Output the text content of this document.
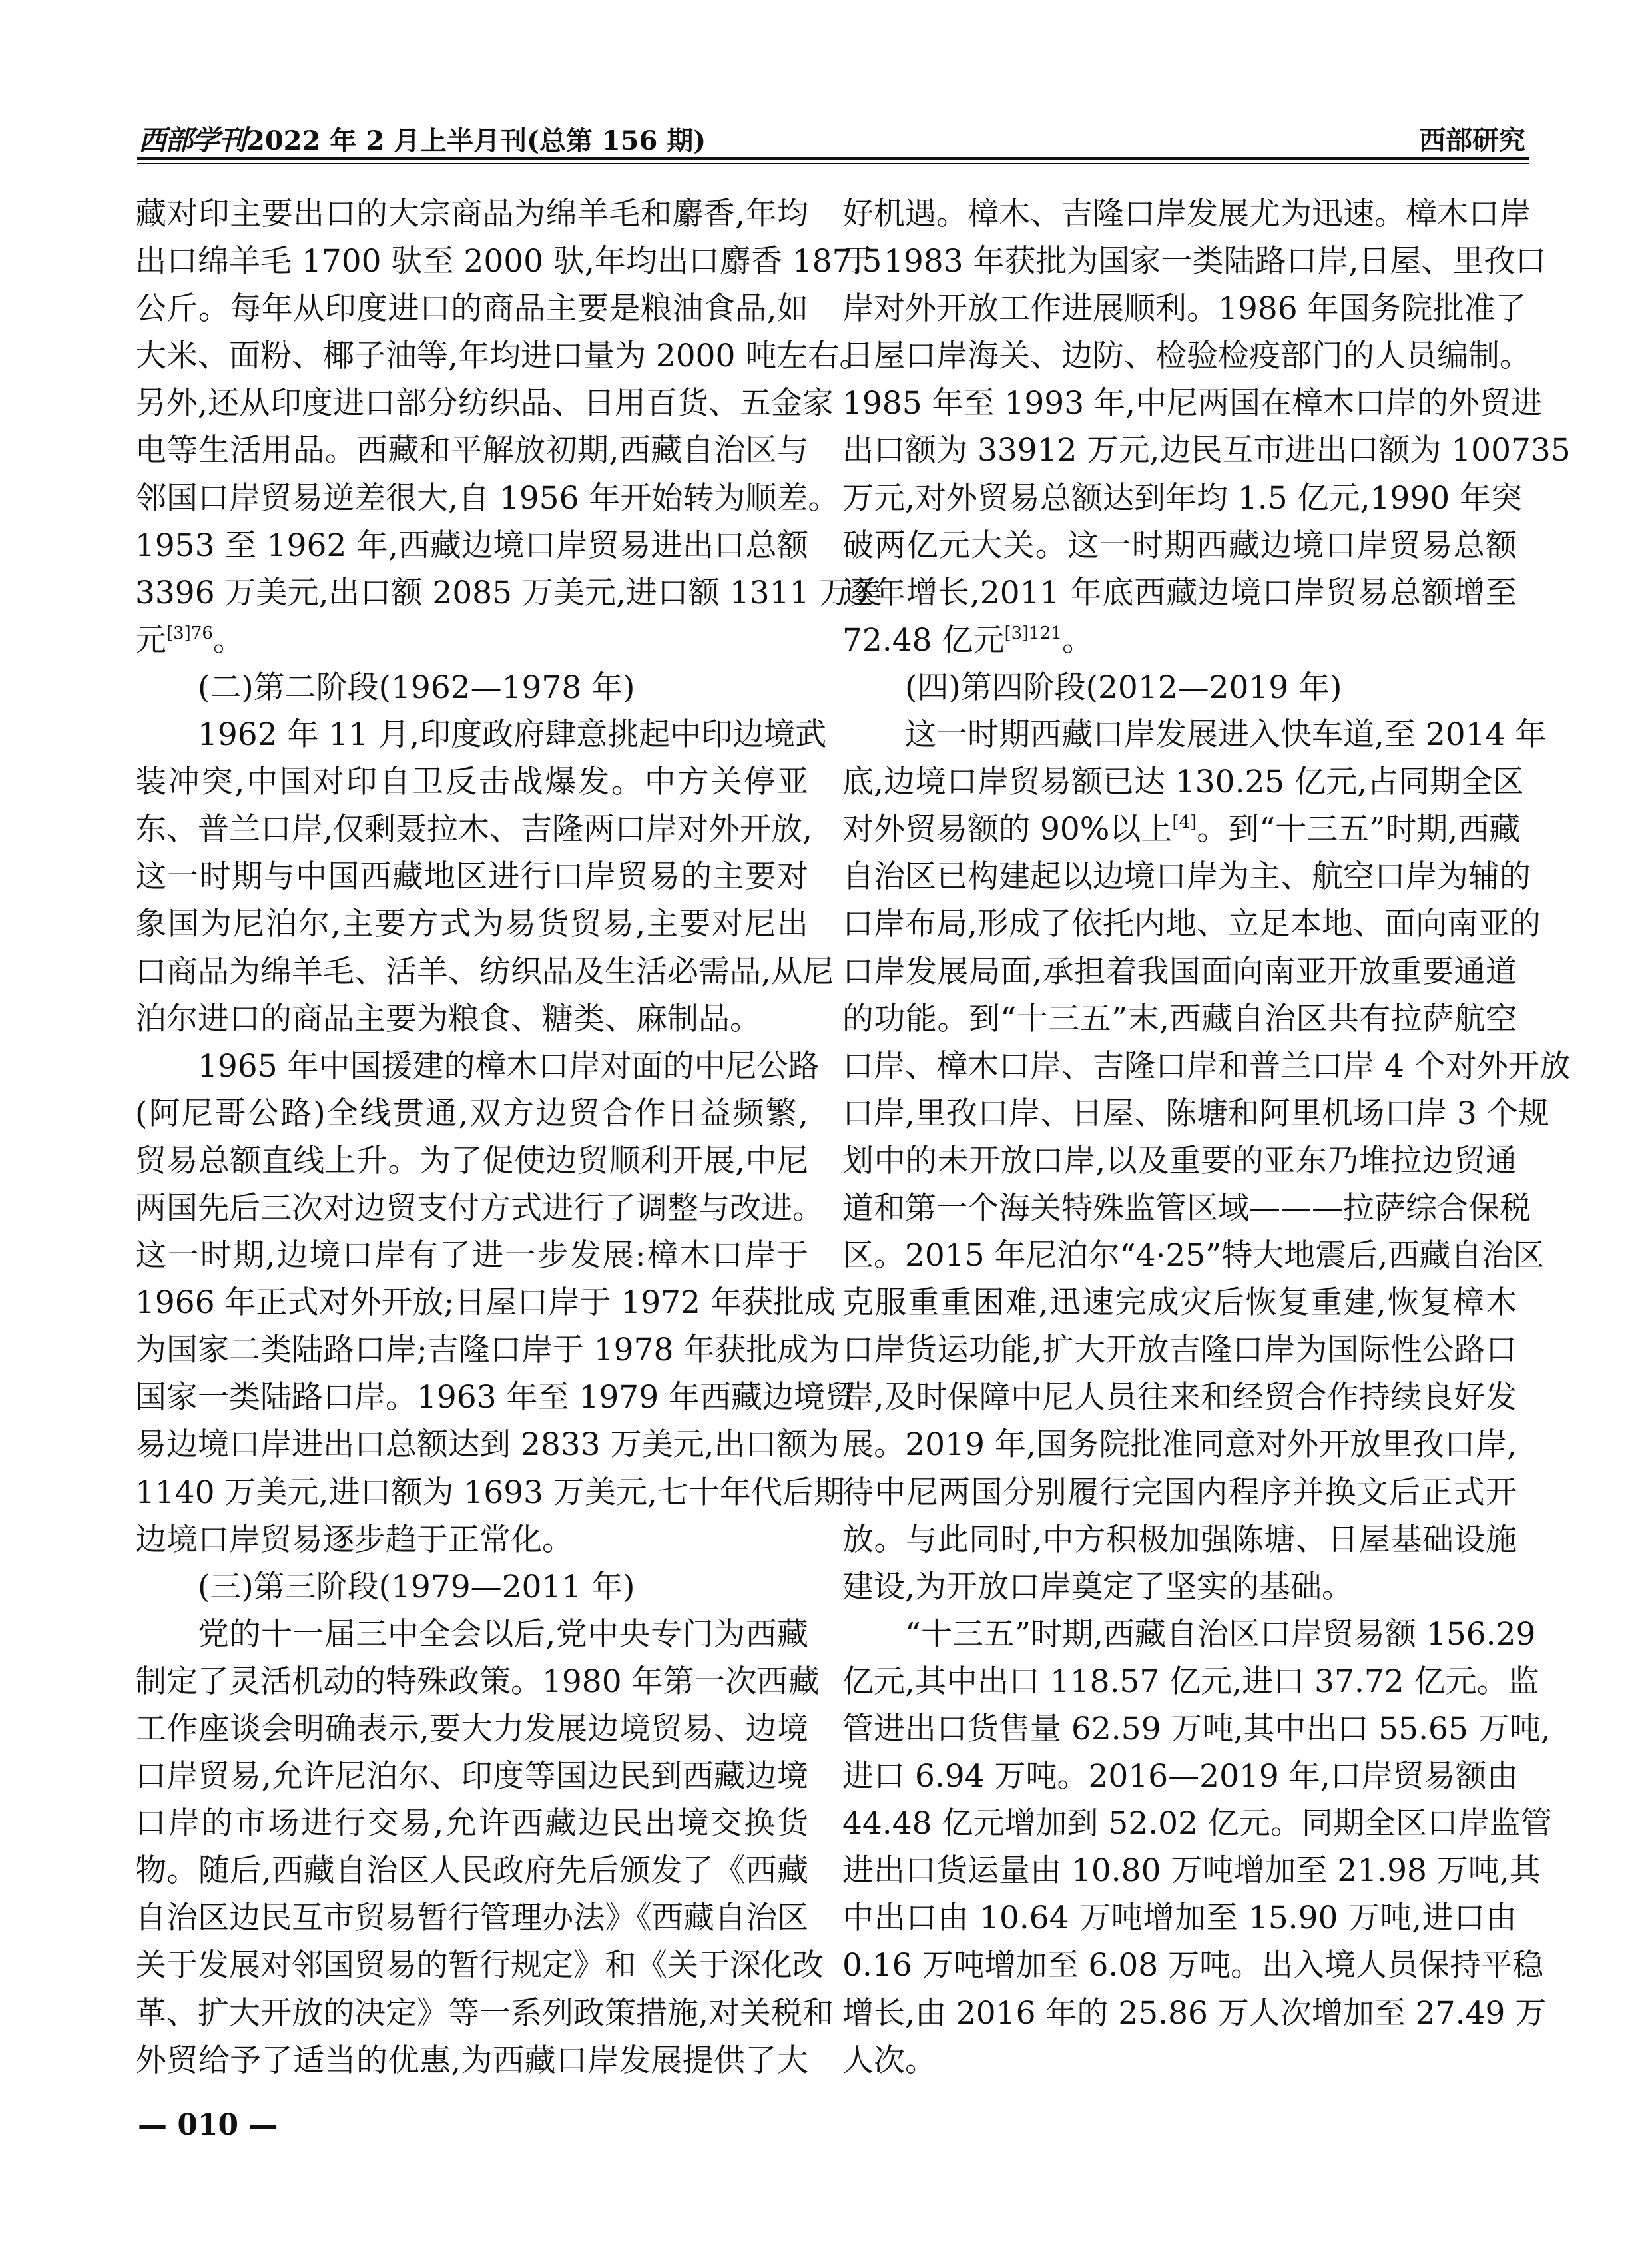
西部学刊2022 年 2 月上半月刊(总第 156 期)	西部研究
藏对印主要出口的大宗商品为绵羊毛和麝香,年均
出口绵羊毛 1700 驮至 2000 驮,年均出口麝香 187.5
公斤。每年从印度进口的商品主要是粮油食品,如
大米、面粉、椰子油等,年均进口量为 2000 吨左右。
另外,还从印度进口部分纺织品、日用百货、五金家
电等生活用品。西藏和平解放初期,西藏自治区与
邻国口岸贸易逆差很大,自 1956 年开始转为顺差。
1953 至 1962 年,西藏边境口岸贸易进出口总额
3396 万美元,出口额 2085 万美元,进口额 1311 万美
元$^{[3]76}$。
(二)第二阶段(1962—1978 年)
1962 年 11 月,印度政府肆意挑起中印边境武
装冲突,中国对印自卫反击战爆发。中方关停亚
东、普兰口岸,仅剩聂拉木、吉隆两口岸对外开放,
这一时期与中国西藏地区进行口岸贸易的主要对
象国为尼泊尔,主要方式为易货贸易,主要对尼出
口商品为绵羊毛、活羊、纺织品及生活必需品,从尼
泊尔进口的商品主要为粮食、糖类、麻制品。
1965 年中国援建的樟木口岸对面的中尼公路
(阿尼哥公路)全线贯通,双方边贸合作日益频繁,
贸易总额直线上升。为了促使边贸顺利开展,中尼
两国先后三次对边贸支付方式进行了调整与改进。
这一时期,边境口岸有了进一步发展:樟木口岸于
1966 年正式对外开放;日屋口岸于 1972 年获批成
为国家二类陆路口岸;吉隆口岸于 1978 年获批成为
国家一类陆路口岸。1963 年至 1979 年西藏边境贸
易边境口岸进出口总额达到 2833 万美元,出口额为
1140 万美元,进口额为 1693 万美元,七十年代后期
边境口岸贸易逐步趋于正常化。
(三)第三阶段(1979—2011 年)
党的十一届三中全会以后,党中央专门为西藏
制定了灵活机动的特殊政策。1980 年第一次西藏
工作座谈会明确表示,要大力发展边境贸易、边境
口岸贸易,允许尼泊尔、印度等国边民到西藏边境
口岸的市场进行交易,允许西藏边民出境交换货
物。随后,西藏自治区人民政府先后颁发了《西藏
自治区边民互市贸易暂行管理办法》《西藏自治区
关于发展对邻国贸易的暂行规定》和《关于深化改
革、扩大开放的决定》等一系列政策措施,对关税和
外贸给予了适当的优惠,为西藏口岸发展提供了大
好机遇。樟木、吉隆口岸发展尤为迅速。樟木口岸
于 1983 年获批为国家一类陆路口岸,日屋、里孜口
岸对外开放工作进展顺利。1986 年国务院批准了
日屋口岸海关、边防、检验检疫部门的人员编制。
1985 年至 1993 年,中尼两国在樟木口岸的外贸进
出口额为 33912 万元,边民互市进出口额为 100735
万元,对外贸易总额达到年均 1.5 亿元,1990 年突
破两亿元大关。这一时期西藏边境口岸贸易总额
逐年增长,2011 年底西藏边境口岸贸易总额增至
72.48 亿元$^{[3]121}$。
(四)第四阶段(2012—2019 年)
这一时期西藏口岸发展进入快车道,至 2014 年
底,边境口岸贸易额已达 130.25 亿元,占同期全区
对外贸易额的 90%以上[4]。到“十三五”时期,西藏
自治区已构建起以边境口岸为主、航空口岸为辅的
口岸布局,形成了依托内地、立足本地、面向南亚的
口岸发展局面,承担着我国面向南亚开放重要通道
的功能。到“十三五”末,西藏自治区共有拉萨航空
口岸、樟木口岸、吉隆口岸和普兰口岸 4 个对外开放
口岸,里孜口岸、日屋、陈塘和阿里机场口岸 3 个规
划中的未开放口岸,以及重要的亚东乃堆拉边贸通
道和第一个海关特殊监管区域———拉萨综合保税
区。2015 年尼泊尔“4·25”特大地震后,西藏自治区
克服重重困难,迅速完成灾后恢复重建,恢复樟木
口岸货运功能,扩大开放吉隆口岸为国际性公路口
岸,及时保障中尼人员往来和经贸合作持续良好发
展。2019 年,国务院批准同意对外开放里孜口岸,
待中尼两国分别履行完国内程序并换文后正式开
放。与此同时,中方积极加强陈塘、日屋基础设施
建设,为开放口岸奠定了坚实的基础。
“十三五”时期,西藏自治区口岸贸易额 156.29
亿元,其中出口 118.57 亿元,进口 37.72 亿元。监
管进出口货售量 62.59 万吨,其中出口 55.65 万吨,
进口 6.94 万吨。2016—2019 年,口岸贸易额由
44.48 亿元增加到 52.02 亿元。同期全区口岸监管
进出口货运量由 10.80 万吨增加至 21.98 万吨,其
中出口由 10.64 万吨增加至 15.90 万吨,进口由
0.16 万吨增加至 6.08 万吨。出入境人员保持平稳
增长,由 2016 年的 25.86 万人次增加至 27.49 万
人次。
— 010 —
